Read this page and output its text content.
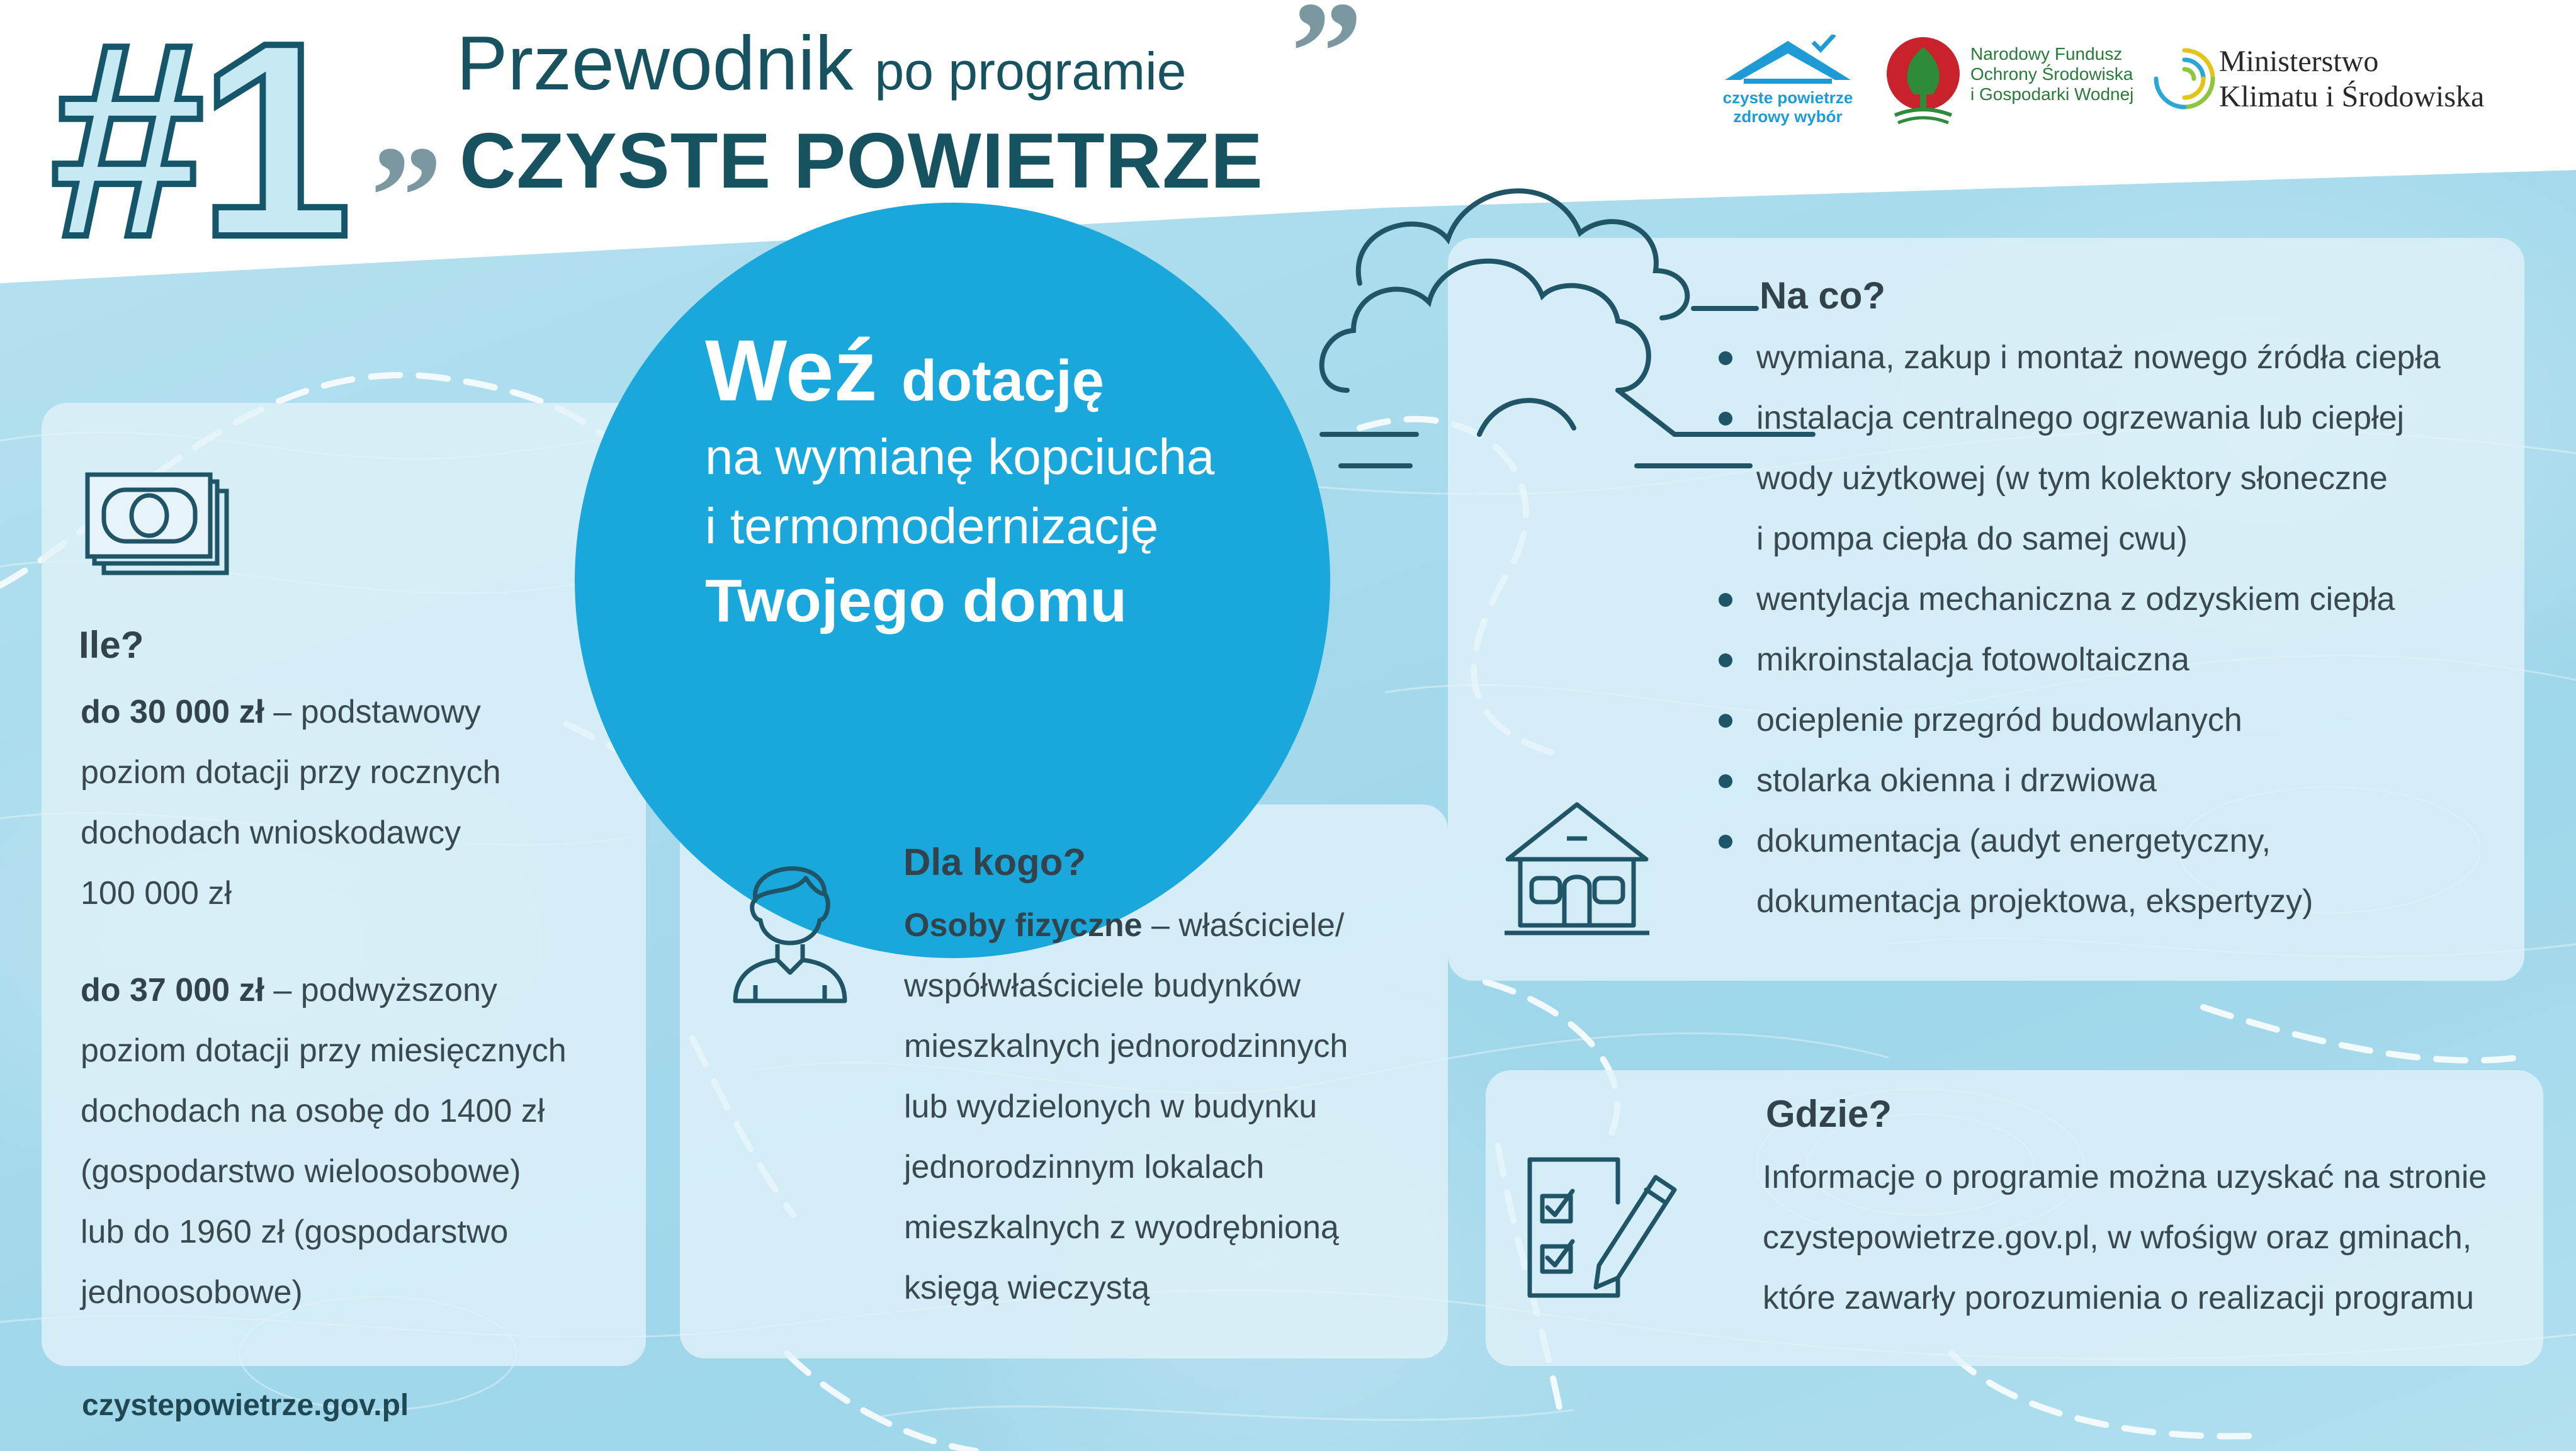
#1 Przewodnik po programie
„ CZYSTE POWIETRZE
”	czyste powietrze
zdrowy wybór
Narodowy Fundusz
Ochrony Środowiska
i Gospodarki Wodnej
Ministerstwo
Klimatu i Środowiska
Weź dotację
na wymianę kopciucha
i termomodernizację
Twojego domu
Ile?
do 30 000 zł – podstawowy
poziom dotacji przy rocznych
dochodach wnioskodawcy
100 000 zł
do 37 000 zł – podwyższony
poziom dotacji przy miesięcznych
dochodach na osobę do 1400 zł
(gospodarstwo wieloosobowe)
lub do 1960 zł (gospodarstwo
jednoosobowe)
Dla kogo?
Osoby fizyczne – właściciele/
współwłaściciele budynków
mieszkalnych jednorodzinnych
lub wydzielonych w budynku
jednorodzinnym lokalach
mieszkalnych z wyodrębnioną
księgą wieczystą
Na co?
wymiana, zakup i montaż nowego źródła ciepła
instalacja centralnego ogrzewania lub ciepłej
wody użytkowej (w tym kolektory słoneczne
i pompa ciepła do samej cwu)
wentylacja mechaniczna z odzyskiem ciepła
mikroinstalacja fotowoltaiczna
ocieplenie przegród budowlanych
stolarka okienna i drzwiowa
dokumentacja (audyt energetyczny,
dokumentacja projektowa, ekspertyzy)
Gdzie?
Informacje o programie można uzyskać na stronie
czystepowietrze.gov.pl, w wfośigw oraz gminach,
które zawarły porozumienia o realizacji programu
czystepowietrze.gov.pl
